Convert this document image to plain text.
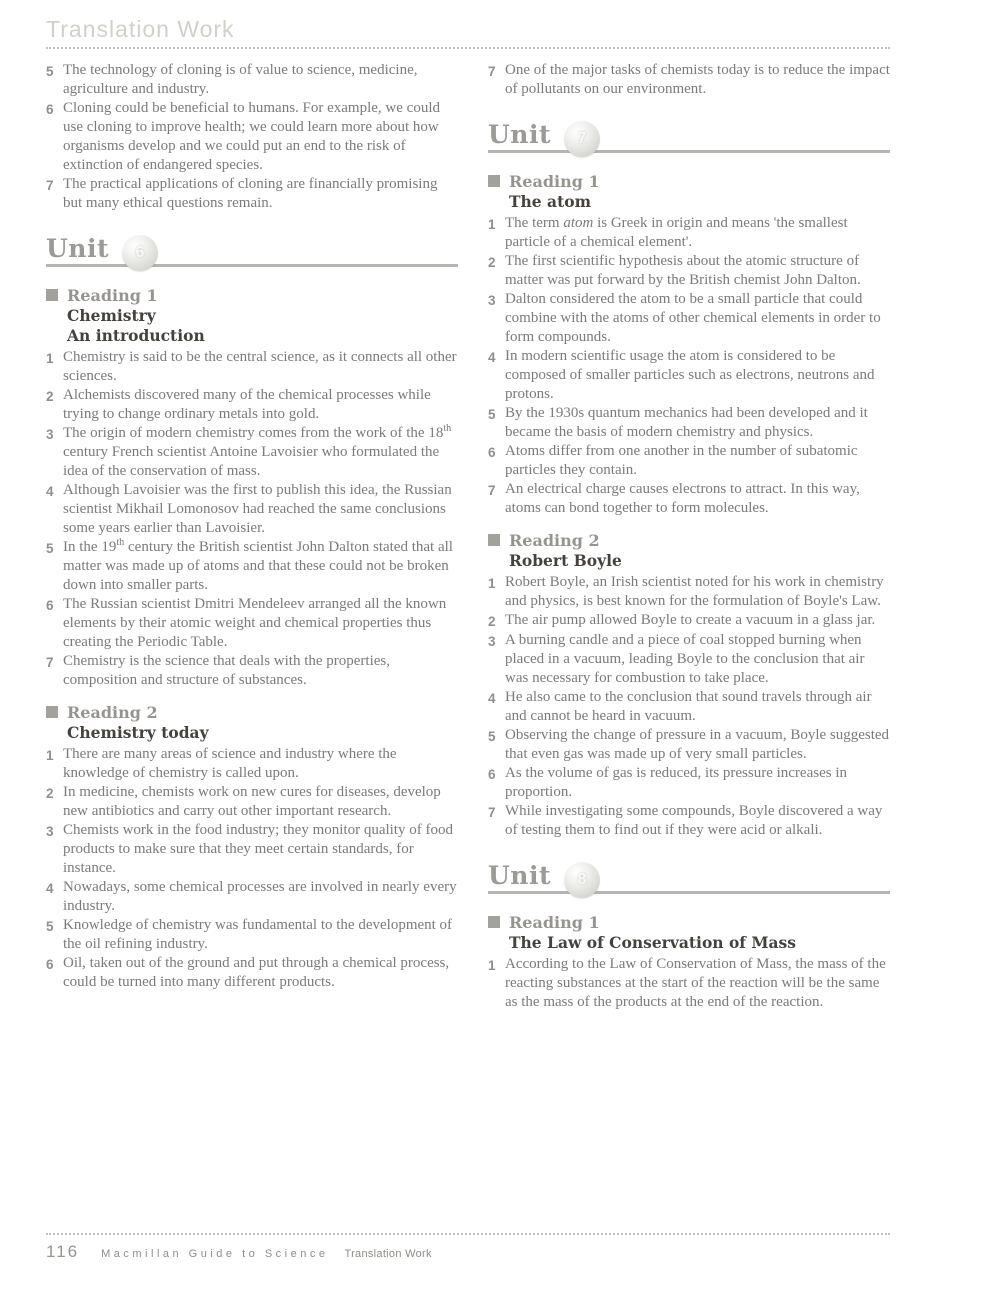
Translation Work
5 The technology of cloning is of value to science, medicine, agriculture and industry.
6 Cloning could be beneficial to humans. For example, we could use cloning to improve health; we could learn more about how organisms develop and we could put an end to the risk of extinction of endangered species.
7 The practical applications of cloning are financially promising but many ethical questions remain.
Unit	6
Reading 1
Chemistry
An introduction
1 Chemistry is said to be the central science, as it connects all other sciences.
2 Alchemists discovered many of the chemical processes while trying to change ordinary metals into gold.
3 The origin of modern chemistry comes from the work of the 18th century French scientist Antoine Lavoisier who formulated the idea of the conservation of mass.
4 Although Lavoisier was the first to publish this idea, the Russian scientist Mikhail Lomonosov had reached the same conclusions some years earlier than Lavoisier.
5 In the 19th century the British scientist John Dalton stated that all matter was made up of atoms and that these could not be broken down into smaller parts.
6 The Russian scientist Dmitri Mendeleev arranged all the known elements by their atomic weight and chemical properties thus creating the Periodic Table.
7 Chemistry is the science that deals with the properties, composition and structure of substances.
Reading 2
Chemistry today
1 There are many areas of science and industry where the knowledge of chemistry is called upon.
2 In medicine, chemists work on new cures for diseases, develop new antibiotics and carry out other important research.
3 Chemists work in the food industry; they monitor quality of food products to make sure that they meet certain standards, for instance.
4 Nowadays, some chemical processes are involved in nearly every industry.
5 Knowledge of chemistry was fundamental to the development of the oil refining industry.
6 Oil, taken out of the ground and put through a chemical process, could be turned into many different products.
7 One of the major tasks of chemists today is to reduce the impact of pollutants on our environment.
Unit	7
Reading 1
The atom
1 The term atom is Greek in origin and means 'the smallest particle of a chemical element'.
2 The first scientific hypothesis about the atomic structure of matter was put forward by the British chemist John Dalton.
3 Dalton considered the atom to be a small particle that could combine with the atoms of other chemical elements in order to form compounds.
4 In modern scientific usage the atom is considered to be composed of smaller particles such as electrons, neutrons and protons.
5 By the 1930s quantum mechanics had been developed and it became the basis of modern chemistry and physics.
6 Atoms differ from one another in the number of subatomic particles they contain.
7 An electrical charge causes electrons to attract. In this way, atoms can bond together to form molecules.
Reading 2
Robert Boyle
1 Robert Boyle, an Irish scientist noted for his work in chemistry and physics, is best known for the formulation of Boyle's Law.
2 The air pump allowed Boyle to create a vacuum in a glass jar.
3 A burning candle and a piece of coal stopped burning when placed in a vacuum, leading Boyle to the conclusion that air was necessary for combustion to take place.
4 He also came to the conclusion that sound travels through air and cannot be heard in vacuum.
5 Observing the change of pressure in a vacuum, Boyle suggested that even gas was made up of very small particles.
6 As the volume of gas is reduced, its pressure increases in proportion.
7 While investigating some compounds, Boyle discovered a way of testing them to find out if they were acid or alkali.
Unit	8
Reading 1
The Law of Conservation of Mass
1 According to the Law of Conservation of Mass, the mass of the reacting substances at the start of the reaction will be the same as the mass of the products at the end of the reaction.
116 Macmillan Guide to Science Translation Work
